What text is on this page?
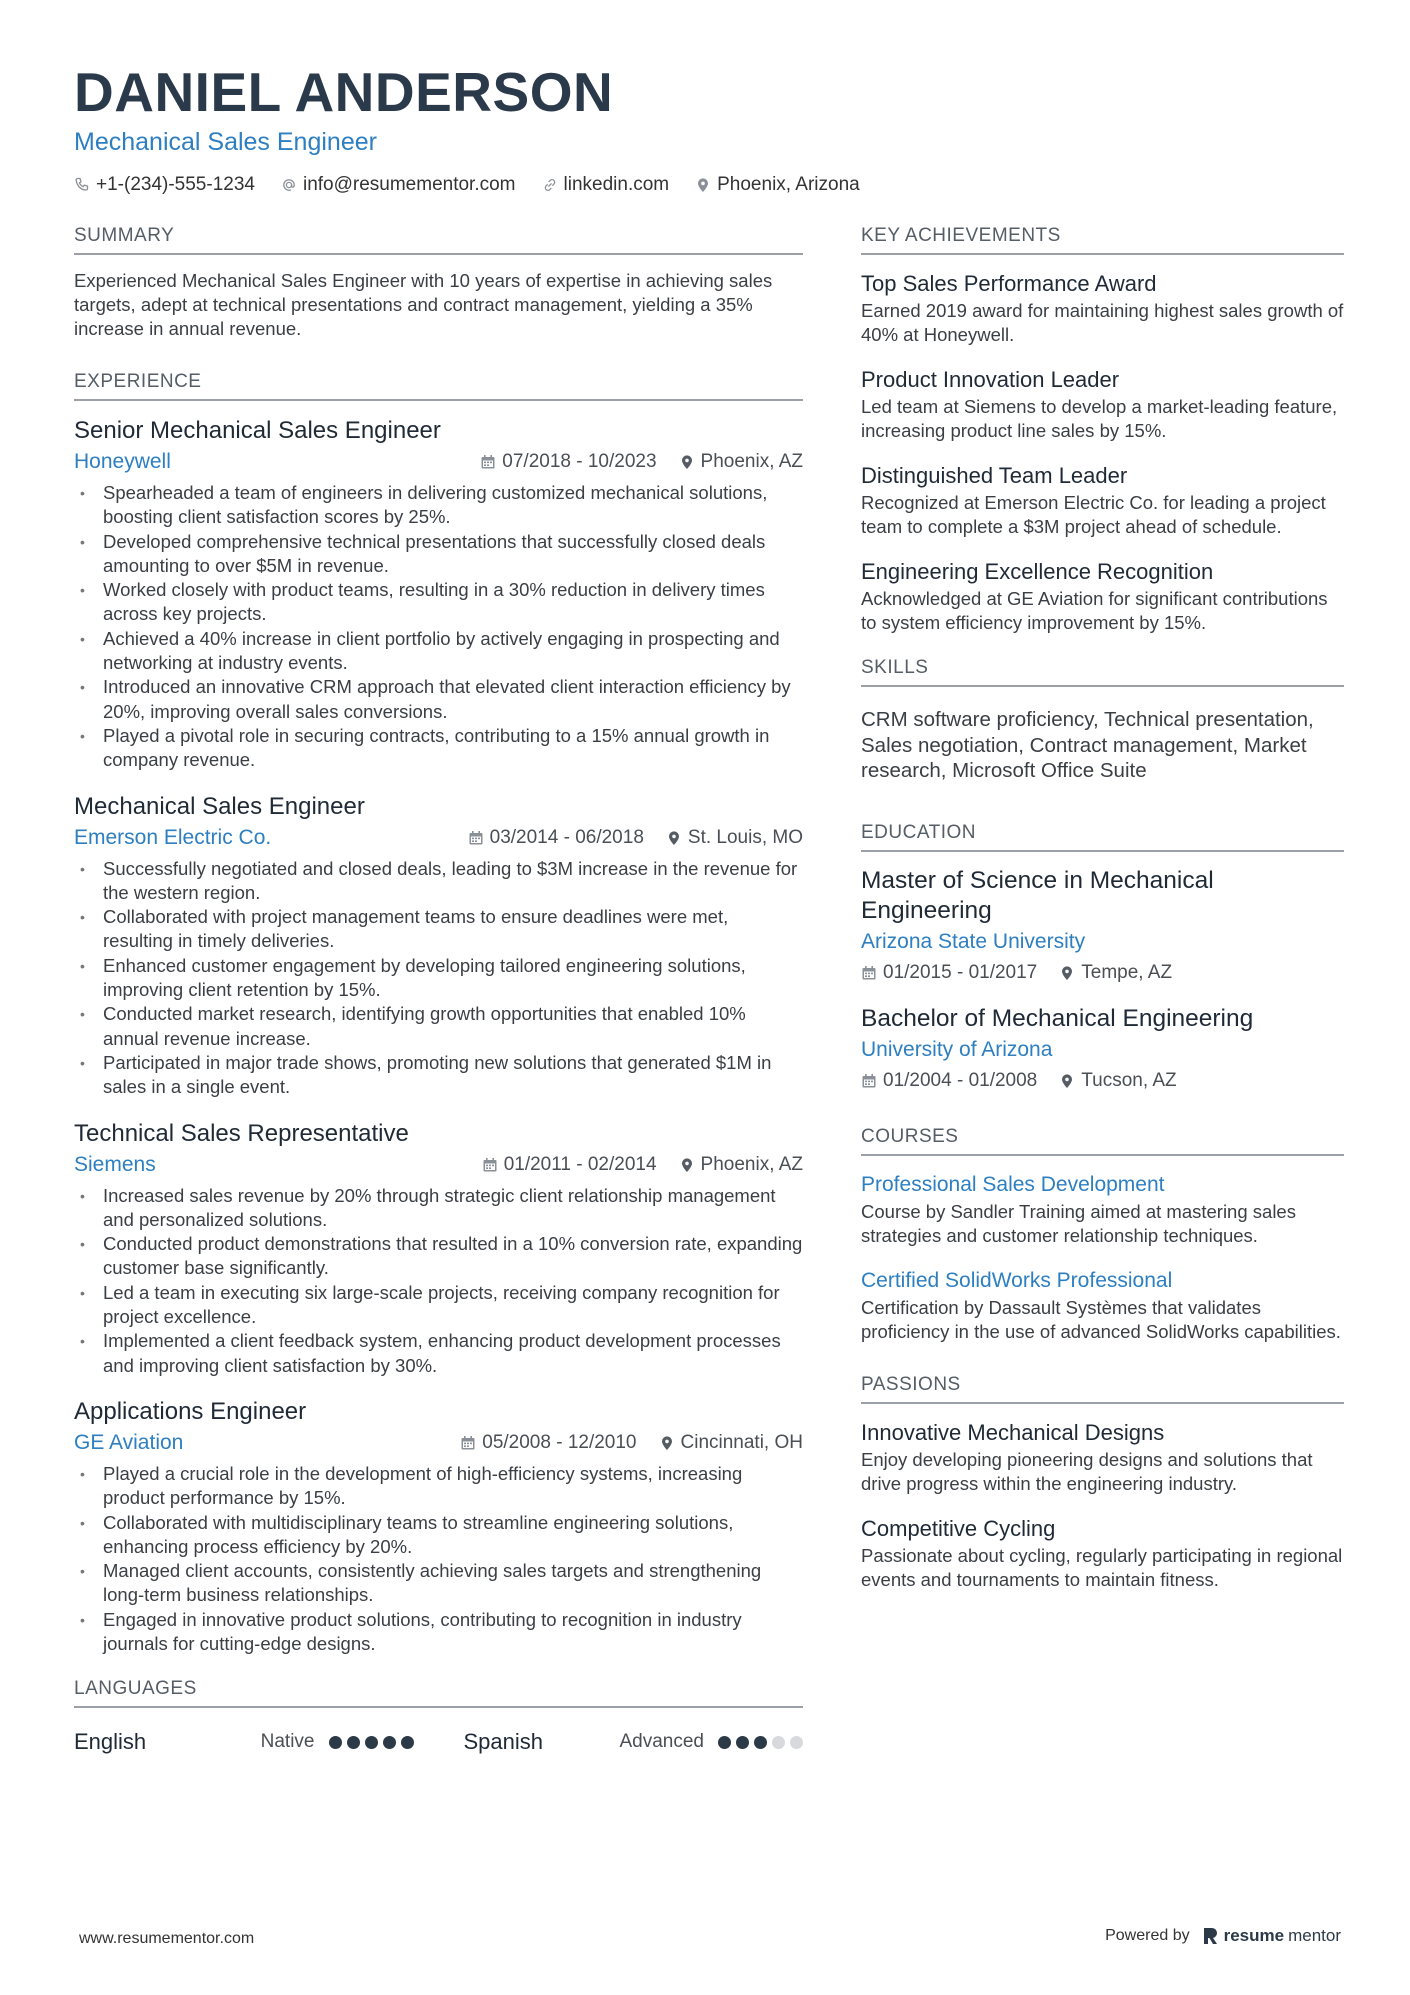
DANIEL ANDERSON
Mechanical Sales Engineer
+1-(234)-555-1234	info@resumementor.com	linkedin.com	Phoenix, Arizona
SUMMARY
Experienced Mechanical Sales Engineer with 10 years of expertise in achieving sales targets, adept at technical presentations and contract management, yielding a 35% increase in annual revenue.
EXPERIENCE
Senior Mechanical Sales Engineer
Honeywell	07/2018 - 10/2023 Phoenix, AZ
• Spearheaded a team of engineers in delivering customized mechanical solutions, boosting client satisfaction scores by 25%.
• Developed comprehensive technical presentations that successfully closed deals amounting to over $5M in revenue.
• Worked closely with product teams, resulting in a 30% reduction in delivery times across key projects.
• Achieved a 40% increase in client portfolio by actively engaging in prospecting and networking at industry events.
• Introduced an innovative CRM approach that elevated client interaction efficiency by 20%, improving overall sales conversions.
• Played a pivotal role in securing contracts, contributing to a 15% annual growth in company revenue.
Mechanical Sales Engineer
Emerson Electric Co.	03/2014 - 06/2018 St. Louis, MO
• Successfully negotiated and closed deals, leading to $3M increase in the revenue for the western region.
• Collaborated with project management teams to ensure deadlines were met, resulting in timely deliveries.
• Enhanced customer engagement by developing tailored engineering solutions, improving client retention by 15%.
• Conducted market research, identifying growth opportunities that enabled 10% annual revenue increase.
• Participated in major trade shows, promoting new solutions that generated $1M in sales in a single event.
Technical Sales Representative
Siemens	01/2011 - 02/2014 Phoenix, AZ
• Increased sales revenue by 20% through strategic client relationship management and personalized solutions.
• Conducted product demonstrations that resulted in a 10% conversion rate, expanding customer base significantly.
• Led a team in executing six large-scale projects, receiving company recognition for project excellence.
• Implemented a client feedback system, enhancing product development processes and improving client satisfaction by 30%.
Applications Engineer
GE Aviation	05/2008 - 12/2010 Cincinnati, OH
• Played a crucial role in the development of high-efficiency systems, increasing product performance by 15%.
• Collaborated with multidisciplinary teams to streamline engineering solutions, enhancing process efficiency by 20%.
• Managed client accounts, consistently achieving sales targets and strengthening long-term business relationships.
• Engaged in innovative product solutions, contributing to recognition in industry journals for cutting-edge designs.
LANGUAGES
English	Native	Spanish	Advanced
KEY ACHIEVEMENTS
Top Sales Performance Award
Earned 2019 award for maintaining highest sales growth of 40% at Honeywell.
Product Innovation Leader
Led team at Siemens to develop a market-leading feature, increasing product line sales by 15%.
Distinguished Team Leader
Recognized at Emerson Electric Co. for leading a project team to complete a $3M project ahead of schedule.
Engineering Excellence Recognition
Acknowledged at GE Aviation for significant contributions to system efficiency improvement by 15%.
SKILLS
CRM software proficiency, Technical presentation, Sales negotiation, Contract management, Market research, Microsoft Office Suite
EDUCATION
Master of Science in Mechanical Engineering
Arizona State University
01/2015 - 01/2017 Tempe, AZ
Bachelor of Mechanical Engineering
University of Arizona
01/2004 - 01/2008 Tucson, AZ
COURSES
Professional Sales Development
Course by Sandler Training aimed at mastering sales strategies and customer relationship techniques.
Certified SolidWorks Professional
Certification by Dassault Systèmes that validates proficiency in the use of advanced SolidWorks capabilities.
PASSIONS
Innovative Mechanical Designs
Enjoy developing pioneering designs and solutions that drive progress within the engineering industry.
Competitive Cycling
Passionate about cycling, regularly participating in regional events and tournaments to maintain fitness.
www.resumementor.com	Powered by resume mentor
